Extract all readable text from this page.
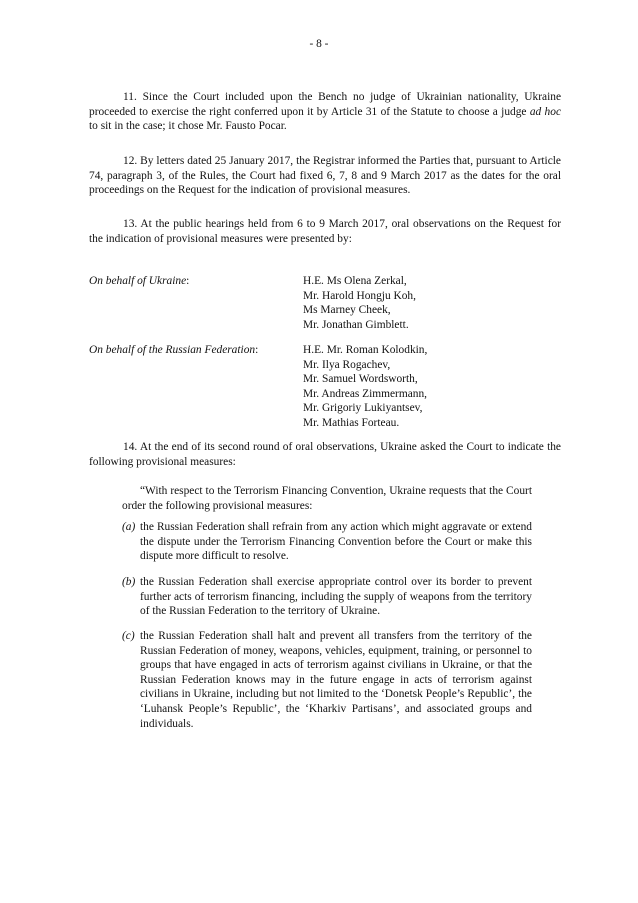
- 8 -
11. Since the Court included upon the Bench no judge of Ukrainian nationality, Ukraine proceeded to exercise the right conferred upon it by Article 31 of the Statute to choose a judge ad hoc to sit in the case; it chose Mr. Fausto Pocar.
12. By letters dated 25 January 2017, the Registrar informed the Parties that, pursuant to Article 74, paragraph 3, of the Rules, the Court had fixed 6, 7, 8 and 9 March 2017 as the dates for the oral proceedings on the Request for the indication of provisional measures.
13. At the public hearings held from 6 to 9 March 2017, oral observations on the Request for the indication of provisional measures were presented by:
On behalf of Ukraine:	H.E. Ms Olena Zerkal,
Mr. Harold Hongju Koh,
Ms Marney Cheek,
Mr. Jonathan Gimblett.
On behalf of the Russian Federation:	H.E. Mr. Roman Kolodkin,
Mr. Ilya Rogachev,
Mr. Samuel Wordsworth,
Mr. Andreas Zimmermann,
Mr. Grigoriy Lukiyantsev,
Mr. Mathias Forteau.
14. At the end of its second round of oral observations, Ukraine asked the Court to indicate the following provisional measures:
“With respect to the Terrorism Financing Convention, Ukraine requests that the Court order the following provisional measures:
(a) the Russian Federation shall refrain from any action which might aggravate or extend the dispute under the Terrorism Financing Convention before the Court or make this dispute more difficult to resolve.
(b) the Russian Federation shall exercise appropriate control over its border to prevent further acts of terrorism financing, including the supply of weapons from the territory of the Russian Federation to the territory of Ukraine.
(c) the Russian Federation shall halt and prevent all transfers from the territory of the Russian Federation of money, weapons, vehicles, equipment, training, or personnel to groups that have engaged in acts of terrorism against civilians in Ukraine, or that the Russian Federation knows may in the future engage in acts of terrorism against civilians in Ukraine, including but not limited to the ‘Donetsk People’s Republic’, the ‘Luhansk People’s Republic’, the ‘Kharkiv Partisans’, and associated groups and individuals.
